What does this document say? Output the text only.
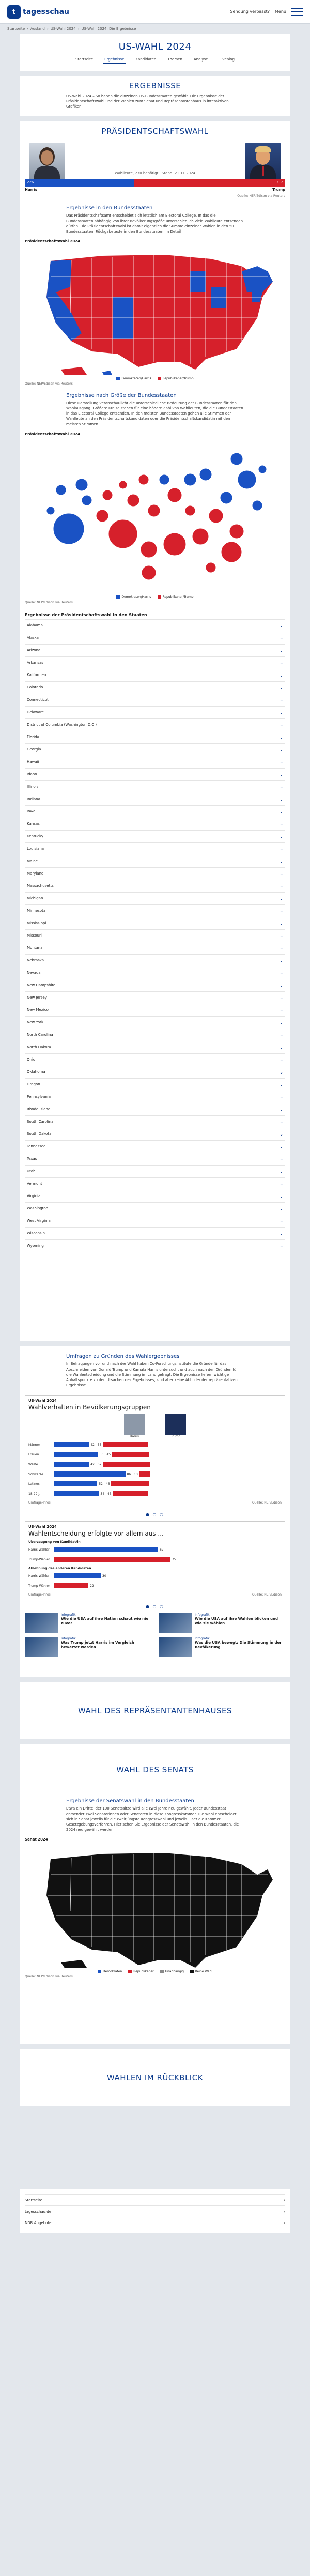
t tagesschau	Sendung verpasst? Menü
Startseite › Ausland › US-Wahl 2024 › US-Wahl 2024: Die Ergebnisse
US-WAHL 2024
Startseite	Ergebnisse	Kandidaten	Themen	Analyse	Liveblog
ERGEBNISSE
US-Wahl 2024 – So haben die einzelnen US-Bundesstaaten gewählt. Die Ergebnisse der Präsidentschaftswahl und der Wahlen zum Senat und Repräsentantenhaus in interaktiven Grafiken.
PRÄSIDENTSCHAFTSWAHL
Wahlleute, 270 benötigt · Stand: 21.11.2024
226	312
Harris	Trump
Quelle: NEP/Edison via Reuters
Ergebnisse in den Bundesstaaten

Das Präsidentschaftsamt entscheidet sich letztlich am Electoral College. In das die Bundesstaaten abhängig von ihrer Bevölkerungsgröße unterschiedlich viele Wahlleute entsenden dürfen. Die Präsidentschaftswahl ist damit eigentlich die Summe einzelner Wahlen in den 50 Bundesstaaten. Rückgabetexte in den Bundesstaaten im Detail

Präsidentschaftswahl 2024
Demokraten/Harris	Republikaner/Trump
Quelle: NEP/Edison via Reuters
Ergebnisse nach Größe der Bundesstaaten

Diese Darstellung veranschaulicht die unterschiedliche Bedeutung der Bundesstaaten für den Wahlausgang. Größere Kreise stehen für eine höhere Zahl von Wahlleuten, die die Bundesstaaten in das Electoral College entsenden. In den meisten Bundesstaaten gehen alle Stimmen der Wahlleute an den Präsidentschaftskandidaten oder die Präsidentschaftskandidatin mit den meisten Stimmen.

Präsidentschaftswahl 2024
Demokraten/Harris	Republikaner/Trump
Quelle: NEP/Edison via Reuters
Ergebnisse der Präsidentschaftswahl in den Staaten
Alabama	⌄
Alaska	⌄
Arizona	⌄
Arkansas	⌄
Kalifornien	⌄
Colorado	⌄
Connecticut	⌄
Delaware	⌄
District of Columbia (Washington D.C.)	⌄
Florida	⌄
Georgia	⌄
Hawaii	⌄
Idaho	⌄
Illinois	⌄
Indiana	⌄
Iowa	⌄
Kansas	⌄
Kentucky	⌄
Louisiana	⌄
Maine	⌄
Maryland	⌄
Massachusetts	⌄
Michigan	⌄
Minnesota	⌄
Mississippi	⌄
Missouri	⌄
Montana	⌄
Nebraska	⌄
Nevada	⌄
New Hampshire	⌄
New Jersey	⌄
New Mexico	⌄
New York	⌄
North Carolina	⌄
North Dakota	⌄
Ohio	⌄
Oklahoma	⌄
Oregon	⌄
Pennsylvania	⌄
Rhode Island	⌄
South Carolina	⌄
South Dakota	⌄
Tennessee	⌄
Texas	⌄
Utah	⌄
Vermont	⌄
Virginia	⌄
Washington	⌄
West Virginia	⌄
Wisconsin	⌄
Wyoming	⌄
Umfragen zu Gründen des Wahlergebnisses

In Befragungen vor und nach der Wahl haben Co-Forschungsinstitute die Gründe für das Abschneiden von Donald Trump und Kamala Harris untersucht und auch nach den Gründen für die Wahlentscheidung und die Stimmung im Land gefragt. Die Ergebnisse liefern wichtige Anhaltspunkte zu den Ursachen des Ergebnisses, sind aber keine Abbilder der repräsentativen Ergebnisse.

US-Wahl 2024
Wahlverhalten in Bevölkerungsgruppen
Harris	Trump
Männer	42 55
Frauen	53 45
Weiße	42 57
Schwarze	86 13
Latinos	52 46
18-29 J.	54 43
Umfrage-Infos	Quelle: NEP/Edison
● ○ ○
US-Wahl 2024
Wahlentscheidung erfolgte vor allem aus ...
Überzeugung von Kandidat/in
Harris-Wähler	67
Trump-Wähler	75
Ablehnung des anderen Kandidaten
Harris-Wähler	30
Trump-Wähler	22
Umfrage-Infos	Quelle: NEP/Edison
● ○ ○
Infografik
Wie die USA auf ihre Nation schaut wie nie zuvor
Infografik
Wie die USA auf ihre Wahlen blicken und wie sie wählen
Infografik
Was Trump jetzt Harris im Vergleich bewertet werden
Infografik
Was die USA bewegt: Die Stimmung in der Bevölkerung
WAHL DES REPRÄSENTANTENHAUSES
WAHL DES SENATS
Ergebnisse der Senatswahl in den Bundesstaaten

Etwa ein Drittel der 100 Senatssitze wird alle zwei Jahre neu gewählt. Jeder Bundesstaat entsendet zwei Senatorinnen oder Senatoren in diese Kongresskammer. Die Wahl entscheidet sich in Senat jeweils für die zweitjüngste Kongresswahl und jeweils lilaer die Kammer Gesetzgebungsverfahren. Hier sehen Sie Ergebnisse der Senatswahl in den Bundesstaaten, die 2024 neu gewählt werden.

Senat 2024
Demokraten	Republikaner	Unabhängig	Keine Wahl
Quelle: NEP/Edison via Reuters
WAHLEN IM RÜCKBLICK
Startseite	›
tagesschau.de	›
NDR Angebote	›
